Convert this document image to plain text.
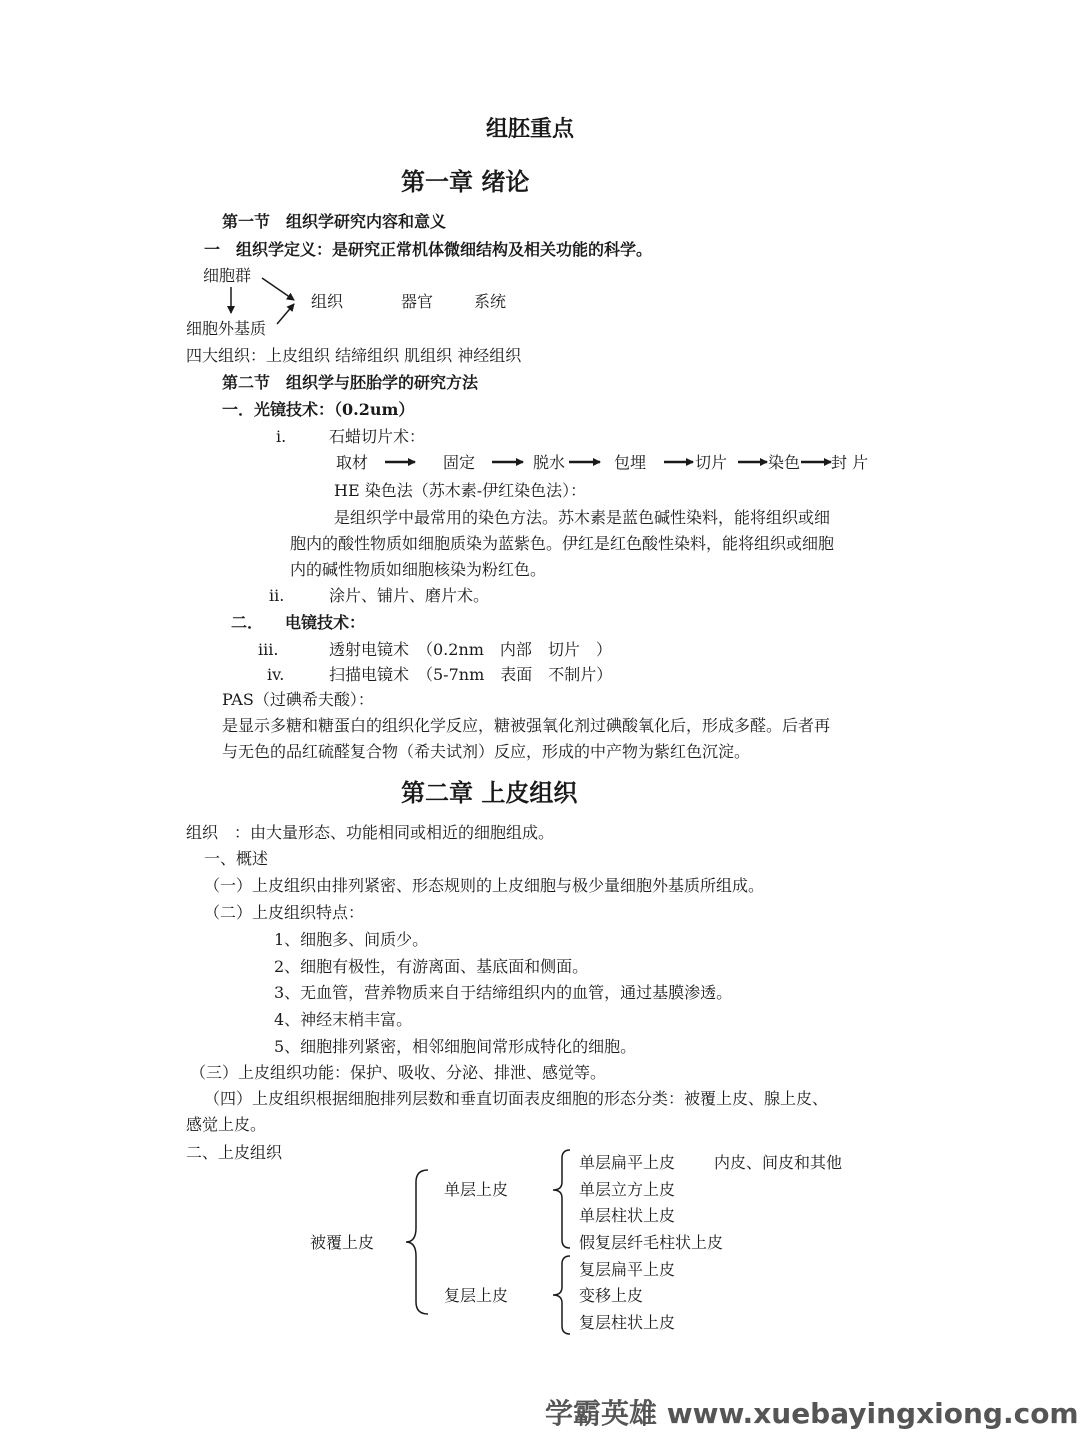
组胚重点
第一章 绪论
第一节　组织学研究内容和意义
一　组织学定义：是研究正常机体微细结构及相关功能的科学。
细胞群
细胞外基质
组织	器官	系统
四大组织：上皮组织 结缔组织 肌组织 神经组织
第二节　组织学与胚胎学的研究方法
一．光镜技术：（0.2um）
i.	石蜡切片术：
取材	固定	脱水	包埋	切片	染色 封 片
HE 染色法（苏木素-伊红染色法）：
是组织学中最常用的染色方法。苏木素是蓝色碱性染料，能将组织或细
胞内的酸性物质如细胞质染为蓝紫色。伊红是红色酸性染料，能将组织或细胞
内的碱性物质如细胞核染为粉红色。
ii.	涂片、铺片、磨片术。
二． 电镜技术：
iii.	透射电镜术　（0.2nm　内部　切片　）
iv.	扫描电镜术　（5-7nm　表面　不制片）
PAS（过碘希夫酸）：
是显示多糖和糖蛋白的组织化学反应，糖被强氧化剂过碘酸氧化后，形成多醛。后者再
与无色的品红硫醛复合物（希夫试剂）反应，形成的中产物为紫红色沉淀。
第二章 上皮组织
组织　：由大量形态、功能相同或相近的细胞组成。
一、概述
（一）上皮组织由排列紧密、形态规则的上皮细胞与极少量细胞外基质所组成。
（二）上皮组织特点：
1、细胞多、间质少。
2、细胞有极性，有游离面、基底面和侧面。
3、无血管，营养物质来自于结缔组织内的血管，通过基膜渗透。
4、神经末梢丰富。
5、细胞排列紧密，相邻细胞间常形成特化的细胞。
（三）上皮组织功能：保护、吸收、分泌、排泄、感觉等。
（四）上皮组织根据细胞排列层数和垂直切面表皮细胞的形态分类：被覆上皮、腺上皮、
感觉上皮。
二、上皮组织
被覆上皮
单层上皮
复层上皮
单层扁平上皮 内皮、间皮和其他
单层立方上皮
单层柱状上皮
假复层纤毛柱状上皮
复层扁平上皮
变移上皮
复层柱状上皮
学霸英雄 www.xuebayingxiong.com
